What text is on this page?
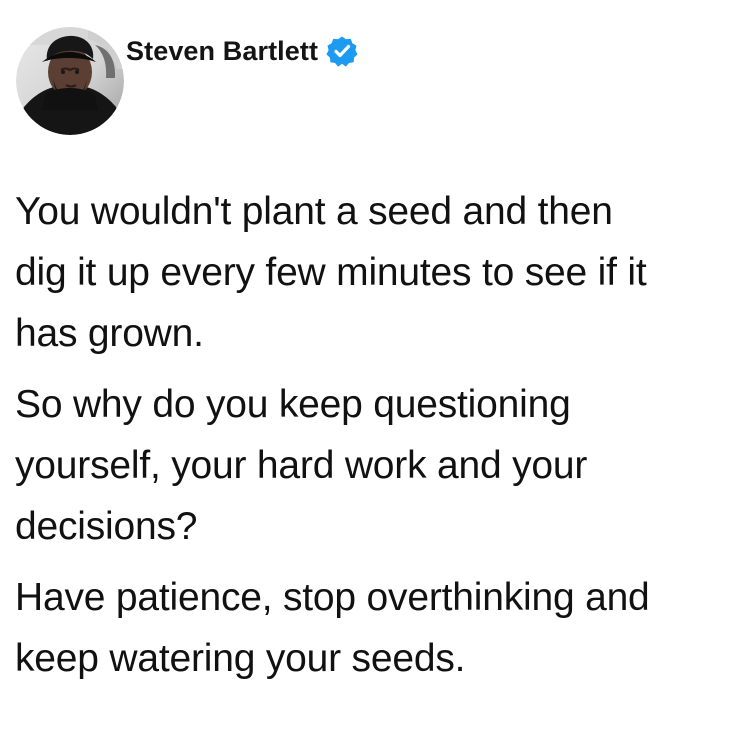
Steven Bartlett

You wouldn't plant a seed and then
dig it up every few minutes to see if it
has grown.

So why do you keep questioning
yourself, your hard work and your
decisions?

Have patience, stop overthinking and
keep watering your seeds.
